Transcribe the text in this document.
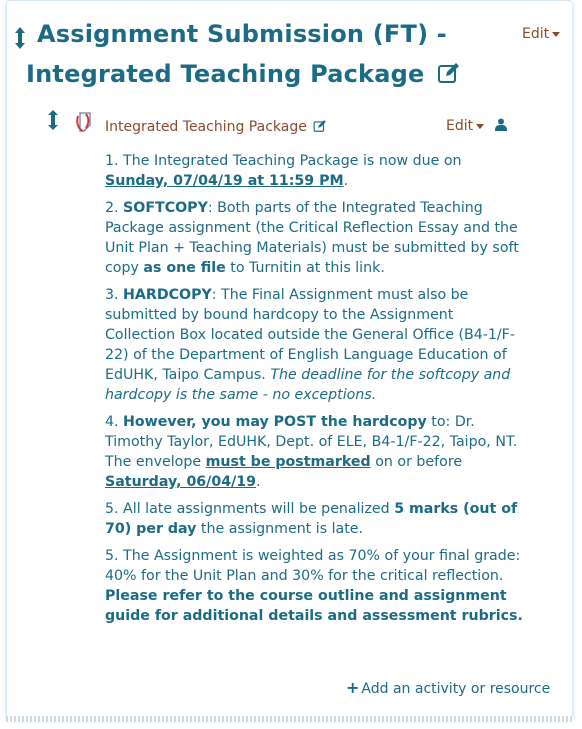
Assignment Submission (FT) -
Integrated Teaching Package
Edit
Integrated Teaching Package	Edit

1. The Integrated Teaching Package is now due on Sunday, 07/04/19 at 11:59 PM.

2. SOFTCOPY: Both parts of the Integrated Teaching Package assignment (the Critical Reflection Essay and the Unit Plan + Teaching Materials) must be submitted by soft copy as one file to Turnitin at this link.

3. HARDCOPY: The Final Assignment must also be submitted by bound hardcopy to the Assignment Collection Box located outside the General Office (B4-1/F-22) of the Department of English Language Education of EdUHK, Taipo Campus. The deadline for the softcopy and hardcopy is the same - no exceptions.

4. However, you may POST the hardcopy to: Dr. Timothy Taylor, EdUHK, Dept. of ELE, B4-1/F-22, Taipo, NT. The envelope must be postmarked on or before Saturday, 06/04/19.

5. All late assignments will be penalized 5 marks (out of 70) per day the assignment is late.

5. The Assignment is weighted as 70% of your final grade: 40% for the Unit Plan and 30% for the critical reflection. Please refer to the course outline and assignment guide for additional details and assessment rubrics.

+ Add an activity or resource
